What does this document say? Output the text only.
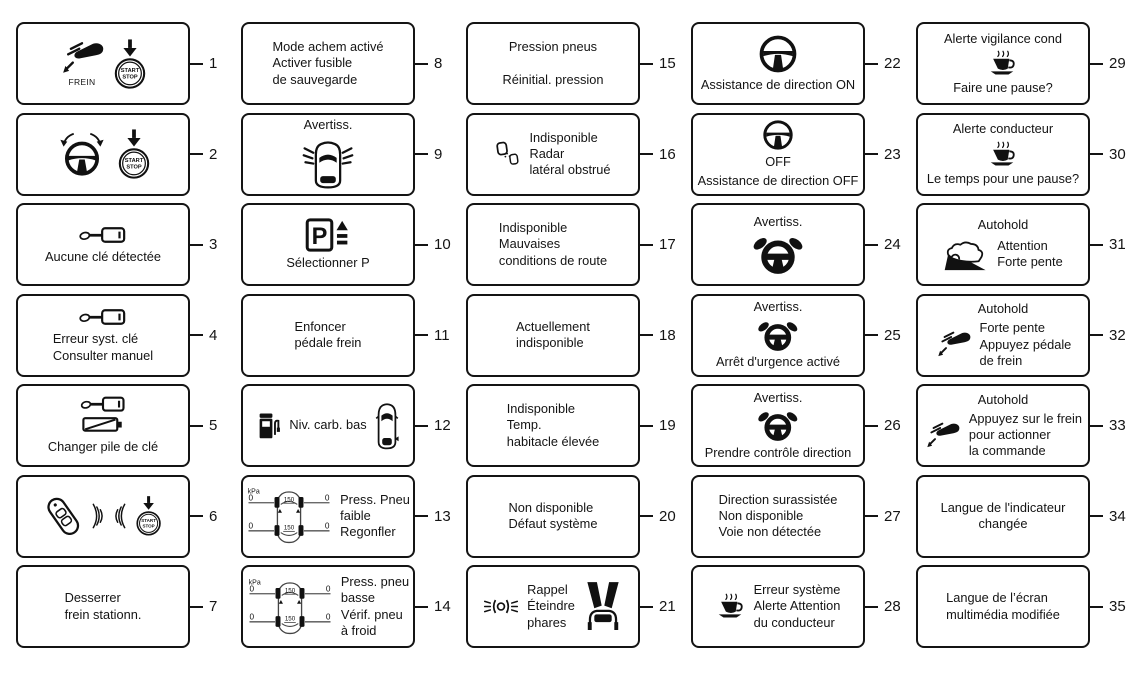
FREIN
START
STOP
1
START
STOP
2
Aucune clé détectée
3
Erreur syst. clé
Consulter manuel
4
Changer pile de clé
5
START
STOP
6
Desserrer
frein stationn.	7
Mode achem activé
Activer fusible
de sauvegarde
8
Avertiss.
9
P
Sélectionner P
10
Enfoncer
pédale frein	11
Niv. carb. bas	12
kPa
0	150	0
0	150	0
Press. Pneu
faible
Regonfler
13
kPa
0	150	0
0	150	0
Press. pneu
basse
Vérif. pneu
à froid
14
Pression pneus

Réinitial. pression
15
Indisponible
Radar
latéral obstrué
16
Indisponible
Mauvaises
conditions de route
17
Actuellement
indisponible	18
Indisponible
Temp.
habitacle élevée
19
Non disponible
Défaut système	20
Rappel
Éteindre
phares
21
Assistance de direction ON
22
OFF
Assistance de direction OFF
23
Avertiss.
24
Avertiss.
Arrêt d'urgence activé
25
Avertiss.
Prendre contrôle direction
26
Direction surassistée
Non disponible
Voie non détectée
27
Erreur système
Alerte Attention
du conducteur
28
Alerte vigilance cond
Faire une pause?
29
Alerte conducteur
Le temps pour une pause?
30
Autohold
Attention
Forte pente
31
Autohold
Forte pente
Appuyez pédale
de frein
32
Autohold
Appuyez sur le frein
pour actionner
la commande
33
Langue de l'indicateur
changée	34
Langue de l’écran
multimédia modifiée	35
